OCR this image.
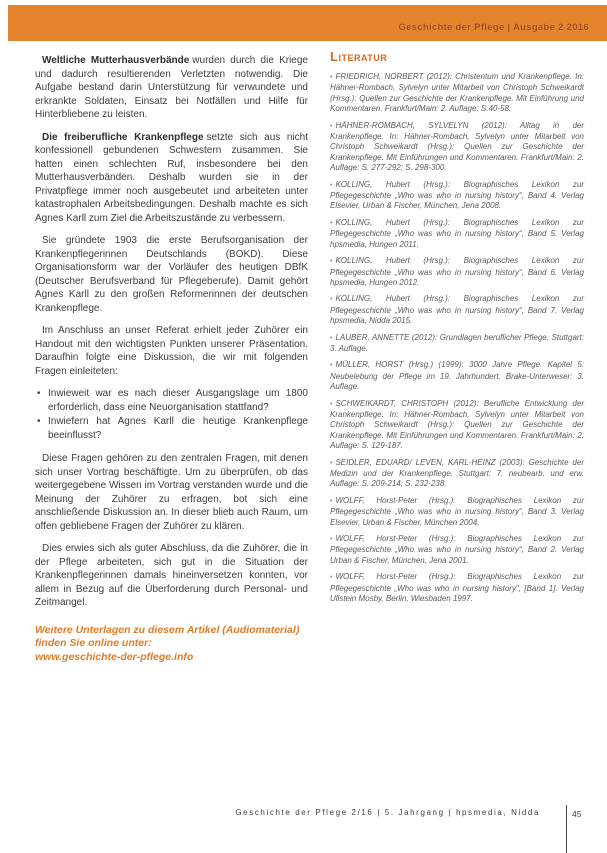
Geschichte der Pflege | Ausgabe 2 2016

Weltliche Mutterhausverbände wurden durch die Kriege und dadurch resultierenden Verletzten notwendig. Die Aufgabe bestand darin Unterstützung für verwundete und erkrankte Soldaten, Einsatz bei Notfällen und Hilfe für Hinterbliebene zu leisten.

Die freiberufliche Krankenpflege setzte sich aus nicht konfessionell gebundenen Schwestern zusammen. Sie hatten einen schlechten Ruf, insbesondere bei den Mutterhausverbänden. Deshalb wurden sie in der Privatpflege immer noch ausgebeutet und arbeiteten unter katastrophalen Arbeitsbedingungen. Deshalb machte es sich Agnes Karll zum Ziel die Arbeitszustände zu verbessern.

Sie gründete 1903 die erste Berufsorganisation der Krankenpflegerinnen Deutschlands (BOKD). Diese Organisationsform war der Vorläufer des heutigen DBfK (Deutscher Berufsverband für Pflegeberufe). Damit gehört Agnes Karll zu den großen Reformerinnen der deutschen Krankenpflege.

Im Anschluss an unser Referat erhielt jeder Zuhörer ein Handout mit den wichtigsten Punkten unserer Präsentation. Daraufhin folgte eine Diskussion, die wir mit folgenden Fragen einleiteten:

• Inwieweit war es nach dieser Ausgangslage um 1800 erforderlich, dass eine Neuorganisation stattfand?
• Inwiefern hat Agnes Karll die heutige Krankenpflege beeinflusst?

Diese Fragen gehören zu den zentralen Fragen, mit denen sich unser Vortrag beschäftigte. Um zu überprüfen, ob das weitergegebene Wissen im Vortrag verstanden wurde und die Meinung der Zuhörer zu erfragen, bot sich eine anschließende Diskussion an. In dieser blieb auch Raum, um offen gebliebene Fragen der Zuhörer zu klären.

Dies erwies sich als guter Abschluss, da die Zuhörer, die in der Pflege arbeiteten, sich gut in die Situation der Krankenpflegerinnen damals hineinversetzen konnten, vor allem in Bezug auf die Überforderung durch Personal- und Zeitmangel.

Weitere Unterlagen zu diesem Artikel (Audiomaterial) finden Sie online unter:
www.geschichte-der-pflege.info
Literatur

• FRIEDRICH, NORBERT (2012): Christentum und Krankenpflege. In: Hähner-Rombach, Sylvelyn unter Mitarbeit von Christoph Schweikardt (Hrsg.): Quellen zur Geschichte der Krankenpflege. Mit Einführung und Kommentaren. Frankfurt/Main: 2. Auflage: S.40-58.

• HÄHNER-ROMBACH, SYLVELYN (2012): Alltag in der Krankenpflege. In: Hähner-Rombach, Sylvelyn unter Mitarbeit von Christoph Schweikardt (Hrsg.): Quellen zur Geschichte der Krankenpflege. Mit Einführungen und Kommentaren. Frankfurt/Main: 2. Auflage: S. 277-292; S. 298-300.

• KOLLING, Hubert (Hrsg.): Biographisches Lexikon zur Pflegegeschichte „Who was who in nursing history“, Band 4. Verlag Elsevier, Urban & Fischer, München, Jena 2008.

• KOLLING, Hubert (Hrsg.): Biographisches Lexikon zur Pflegegeschichte „Who was who in nursing history“, Band 5. Verlag hpsmedia, Hungen 2011.

• KOLLING, Hubert (Hrsg.): Biographisches Lexikon zur Pflegegeschichte „Who was who in nursing history“, Band 6. Verlag hpsmedia, Hungen 2012.

• KOLLING, Hubert (Hrsg.): Biographisches Lexikon zur Pflegegeschichte „Who was who in nursing history“, Band 7. Verlag hpsmedia, Nidda 2015.

• LAUBER, ANNETTE (2012): Grundlagen beruflicher Pflege. Stuttgart: 3. Auflage.

• MÜLLER, HORST (Hrsg.) (1999): 3000 Jahre Pflege. Kapitel 5: Neubelebung der Pflege im 19. Jahrhundert. Brake-Unterweser: 3. Auflage.

• SCHWEIKARDT, CHRISTOPH (2012): Berufliche Entwicklung der Krankenpflege. In: Hähner-Rombach, Sylvelyn unter Mitarbeit von Christoph Schweikardt (Hrsg.): Quellen zur Geschichte der Krankenpflege. Mit Einführungen und Kommentaren. Frankfurt/Main: 2. Auflage: S. 129-187.

• SEIDLER, EDUARD/ LEVEN, KARL-HEINZ (2003): Geschichte der Medizin und der Krankenpflege. Stuttgart: 7. neubearb. und erw. Auflage: S. 209-214; S. 232-238.

• WOLFF, Horst-Peter (Hrsg.): Biographisches Lexikon zur Pflegegeschichte „Who was who in nursing history“, Band 3. Verlag Elsevier, Urban & Fischer, München 2004.

• WOLFF, Horst-Peter (Hrsg.): Biographisches Lexikon zur Pflegegeschichte „Who was who in nursing history“, Band 2. Verlag Urban & Fischer, München, Jena 2001.

• WOLFF, Horst-Peter (Hrsg.): Biographisches Lexikon zur Pflegegeschichte „Who was who in nursing history“, [Band 1]. Verlag Ullstein Mosby, Berlin, Wiesbaden 1997.

Geschichte der Pflege 2/16 | 5. Jahrgang | hpsmedia, Nidda	45
